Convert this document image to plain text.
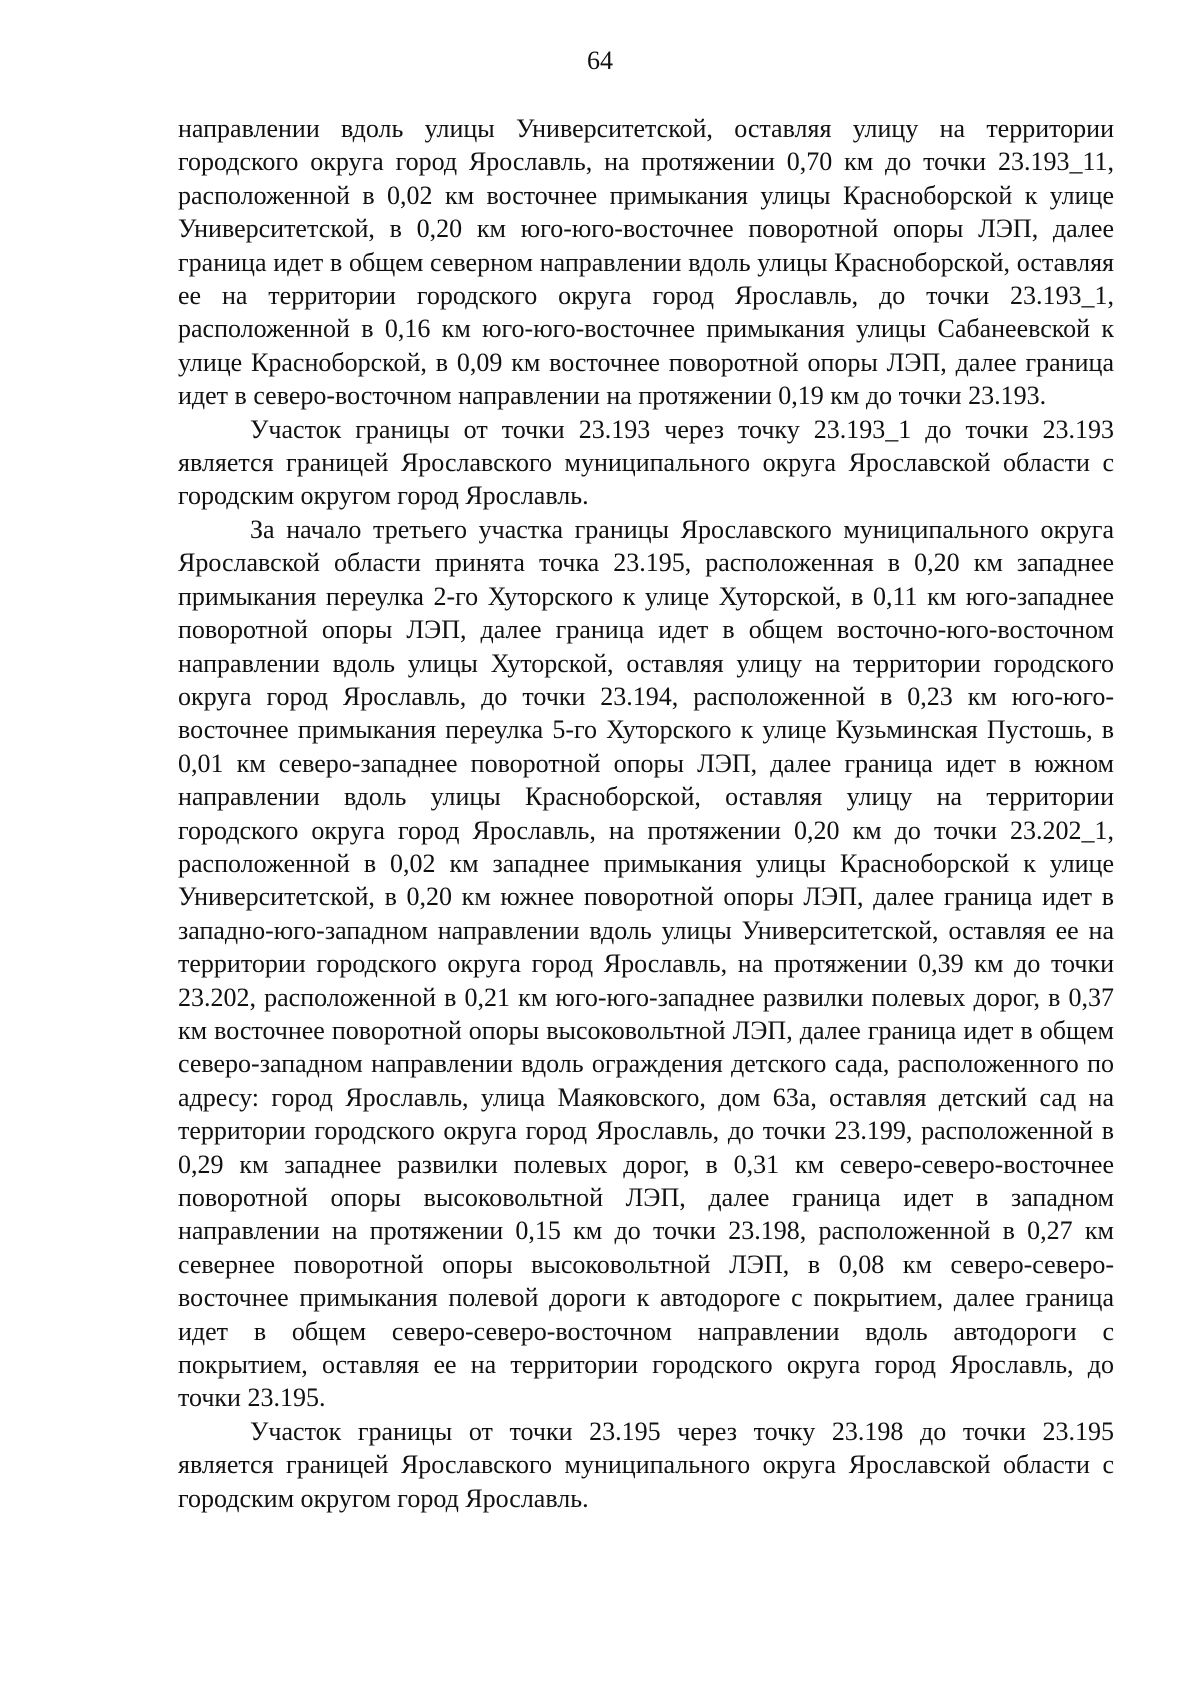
64

направлении вдоль улицы Университетской, оставляя улицу на территории городского округа город Ярославль, на протяжении 0,70 км до точки 23.193_11, расположенной в 0,02 км восточнее примыкания улицы Красноборской к улице Университетской, в 0,20 км юго-юго-восточнее поворотной опоры ЛЭП, далее граница идет в общем северном направлении вдоль улицы Красноборской, оставляя ее на территории городского округа город Ярославль, до точки 23.193_1, расположенной в 0,16 км юго-юго-восточнее примыкания улицы Сабанеевской к улице Красноборской, в 0,09 км восточнее поворотной опоры ЛЭП, далее граница идет в северо-восточном направлении на протяжении 0,19 км до точки 23.193.

Участок границы от точки 23.193 через точку 23.193_1 до точки 23.193 является границей Ярославского муниципального округа Ярославской области с городским округом город Ярославль.

За начало третьего участка границы Ярославского муниципального округа Ярославской области принята точка 23.195, расположенная в 0,20 км западнее примыкания переулка 2-го Хуторского к улице Хуторской, в 0,11 км юго-западнее поворотной опоры ЛЭП, далее граница идет в общем восточно-юго-восточном направлении вдоль улицы Хуторской, оставляя улицу на территории городского округа город Ярославль, до точки 23.194, расположенной в 0,23 км юго-юго-восточнее примыкания переулка 5-го Хуторского к улице Кузьминская Пустошь, в 0,01 км северо-западнее поворотной опоры ЛЭП, далее граница идет в южном направлении вдоль улицы Красноборской, оставляя улицу на территории городского округа город Ярославль, на протяжении 0,20 км до точки 23.202_1, расположенной в 0,02 км западнее примыкания улицы Красноборской к улице Университетской, в 0,20 км южнее поворотной опоры ЛЭП, далее граница идет в западно-юго-западном направлении вдоль улицы Университетской, оставляя ее на территории городского округа город Ярославль, на протяжении 0,39 км до точки 23.202, расположенной в 0,21 км юго-юго-западнее развилки полевых дорог, в 0,37 км восточнее поворотной опоры высоковольтной ЛЭП, далее граница идет в общем северо-западном направлении вдоль ограждения детского сада, расположенного по адресу: город Ярославль, улица Маяковского, дом 63а, оставляя детский сад на территории городского округа город Ярославль, до точки 23.199, расположенной в 0,29 км западнее развилки полевых дорог, в 0,31 км северо-северо-восточнее поворотной опоры высоковольтной ЛЭП, далее граница идет в западном направлении на протяжении 0,15 км до точки 23.198, расположенной в 0,27 км севернее поворотной опоры высоковольтной ЛЭП, в 0,08 км северо-северо-восточнее примыкания полевой дороги к автодороге с покрытием, далее граница идет в общем северо-северо-восточном направлении вдоль автодороги с покрытием, оставляя ее на территории городского округа город Ярославль, до точки 23.195.

Участок границы от точки 23.195 через точку 23.198 до точки 23.195 является границей Ярославского муниципального округа Ярославской области с городским округом город Ярославль.
